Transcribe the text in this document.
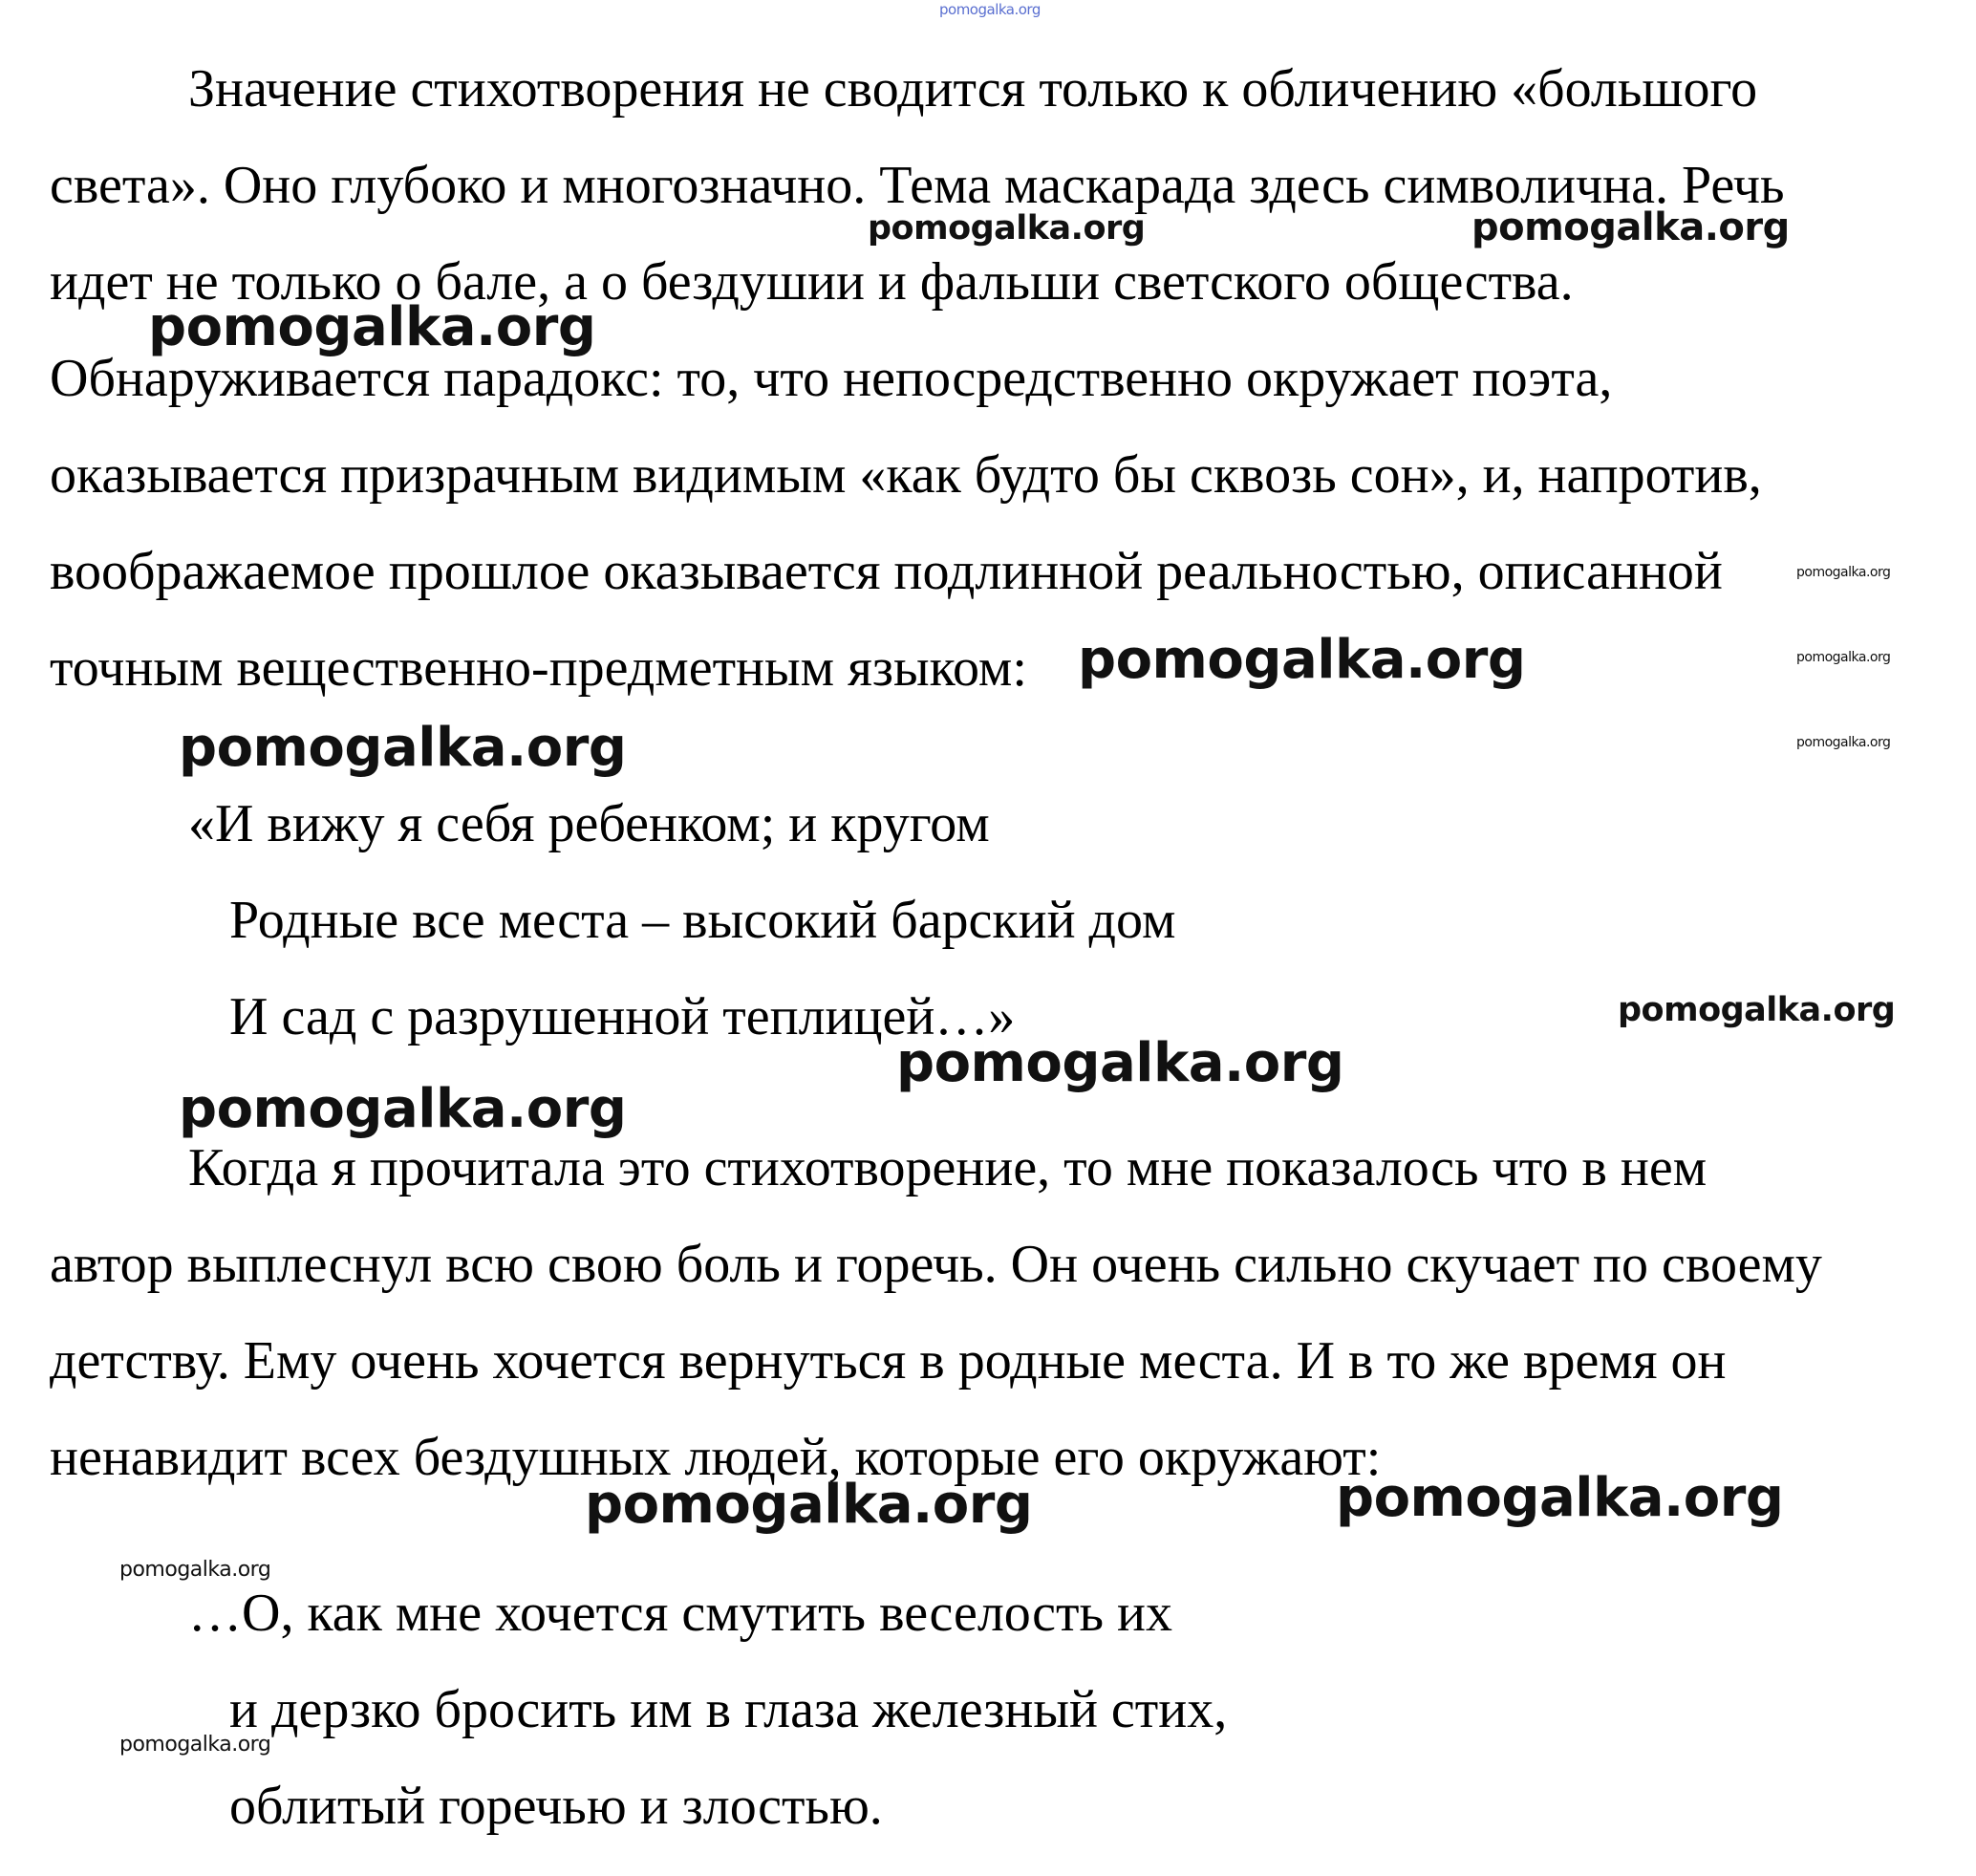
Значение стихотворения не сводится только к обличению «большого
света». Оно глубоко и многозначно. Тема маскарада здесь символична. Речь
идет не только о бале, а о бездушии и фальши светского общества.
Обнаруживается парадокс: то, что непосредственно окружает поэта,
оказывается призрачным видимым «как будто бы сквозь сон», и, напротив,
воображаемое прошлое оказывается подлинной реальностью, описанной
точным вещественно-предметным языком:
«И вижу я себя ребенком; и кругом
Родные все места – высокий барский дом
И сад с разрушенной теплицей…»
Когда я прочитала это стихотворение, то мне показалось что в нем
автор выплеснул всю свою боль и горечь. Он очень сильно скучает по своему
детству. Ему очень хочется вернуться в родные места. И в то же время он
ненавидит всех бездушных людей, которые его окружают:
…О, как мне хочется смутить веселость их
и дерзко бросить им в глаза железный стих,
облитый горечью и злостью.
pomogalka.org
pomogalka.org	pomogalka.org
pomogalka.org
pomogalka.org
pomogalka.org
pomogalka.org
pomogalka.org
pomogalka.org
pomogalka.org
pomogalka.org
pomogalka.org
pomogalka.org	pomogalka.org
pomogalka.org
pomogalka.org
